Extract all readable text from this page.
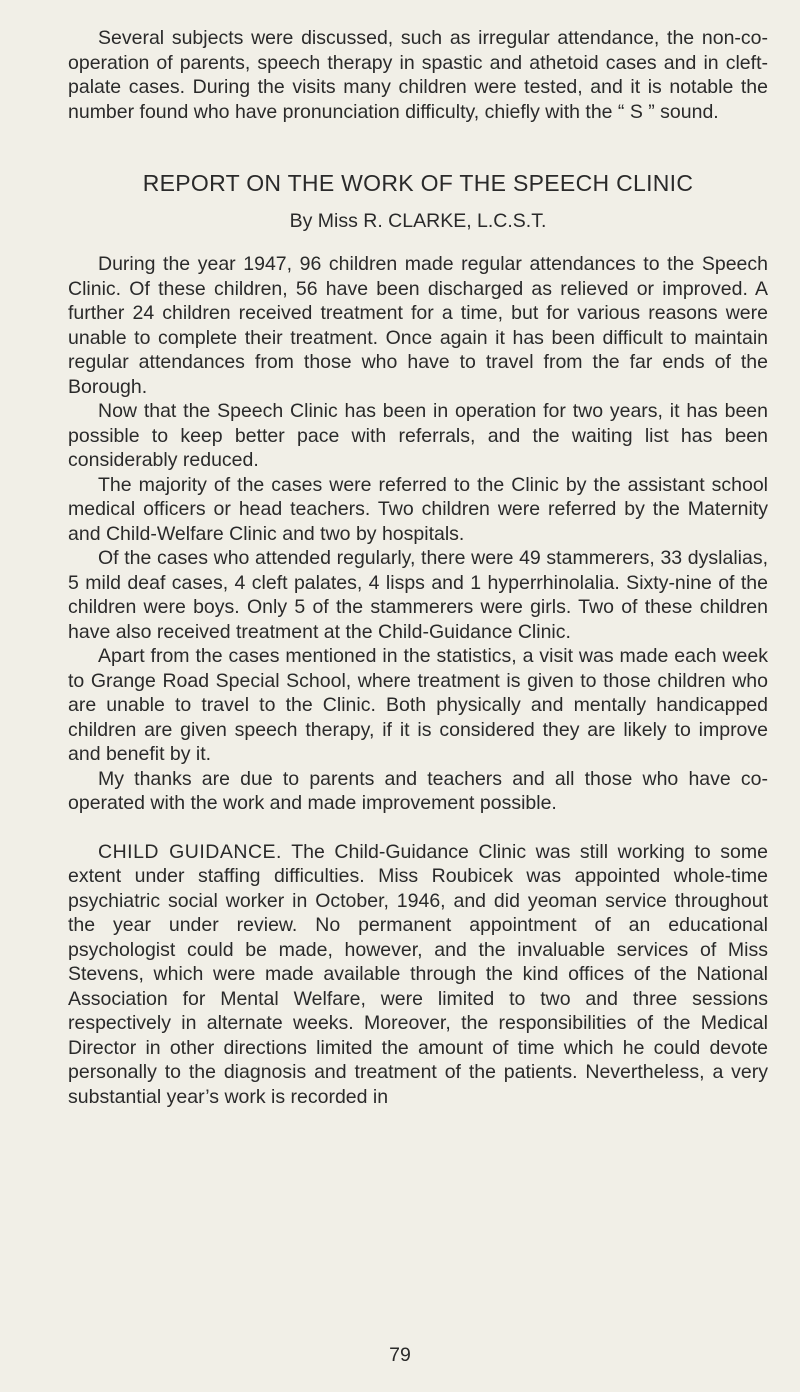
Several subjects were discussed, such as irregular attendance, the non-co-operation of parents, speech therapy in spastic and athetoid cases and in cleft-palate cases. During the visits many children were tested, and it is notable the number found who have pronunciation difficulty, chiefly with the “ S ” sound.

REPORT ON THE WORK OF THE SPEECH CLINIC
By Miss R. CLARKE, L.C.S.T.

During the year 1947, 96 children made regular attendances to the Speech Clinic. Of these children, 56 have been discharged as relieved or improved. A further 24 children received treatment for a time, but for various reasons were unable to complete their treatment. Once again it has been difficult to maintain regular attendances from those who have to travel from the far ends of the Borough.

Now that the Speech Clinic has been in operation for two years, it has been possible to keep better pace with referrals, and the waiting list has been considerably reduced.

The majority of the cases were referred to the Clinic by the assistant school medical officers or head teachers. Two children were referred by the Maternity and Child-Welfare Clinic and two by hospitals.

Of the cases who attended regularly, there were 49 stammerers, 33 dyslalias, 5 mild deaf cases, 4 cleft palates, 4 lisps and 1 hyperrhinolalia. Sixty-nine of the children were boys. Only 5 of the stammerers were girls. Two of these children have also received treatment at the Child-Guidance Clinic.

Apart from the cases mentioned in the statistics, a visit was made each week to Grange Road Special School, where treatment is given to those children who are unable to travel to the Clinic. Both physically and mentally handicapped children are given speech therapy, if it is considered they are likely to improve and benefit by it.

My thanks are due to parents and teachers and all those who have co-operated with the work and made improvement possible.

CHILD GUIDANCE. The Child-Guidance Clinic was still working to some extent under staffing difficulties. Miss Roubicek was appointed whole-time psychiatric social worker in October, 1946, and did yeoman service throughout the year under review. No permanent appointment of an educational psychologist could be made, however, and the invaluable services of Miss Stevens, which were made available through the kind offices of the National Association for Mental Welfare, were limited to two and three sessions respectively in alternate weeks. Moreover, the responsibilities of the Medical Director in other directions limited the amount of time which he could devote personally to the diagnosis and treatment of the patients. Nevertheless, a very substantial year’s work is recorded in

79
